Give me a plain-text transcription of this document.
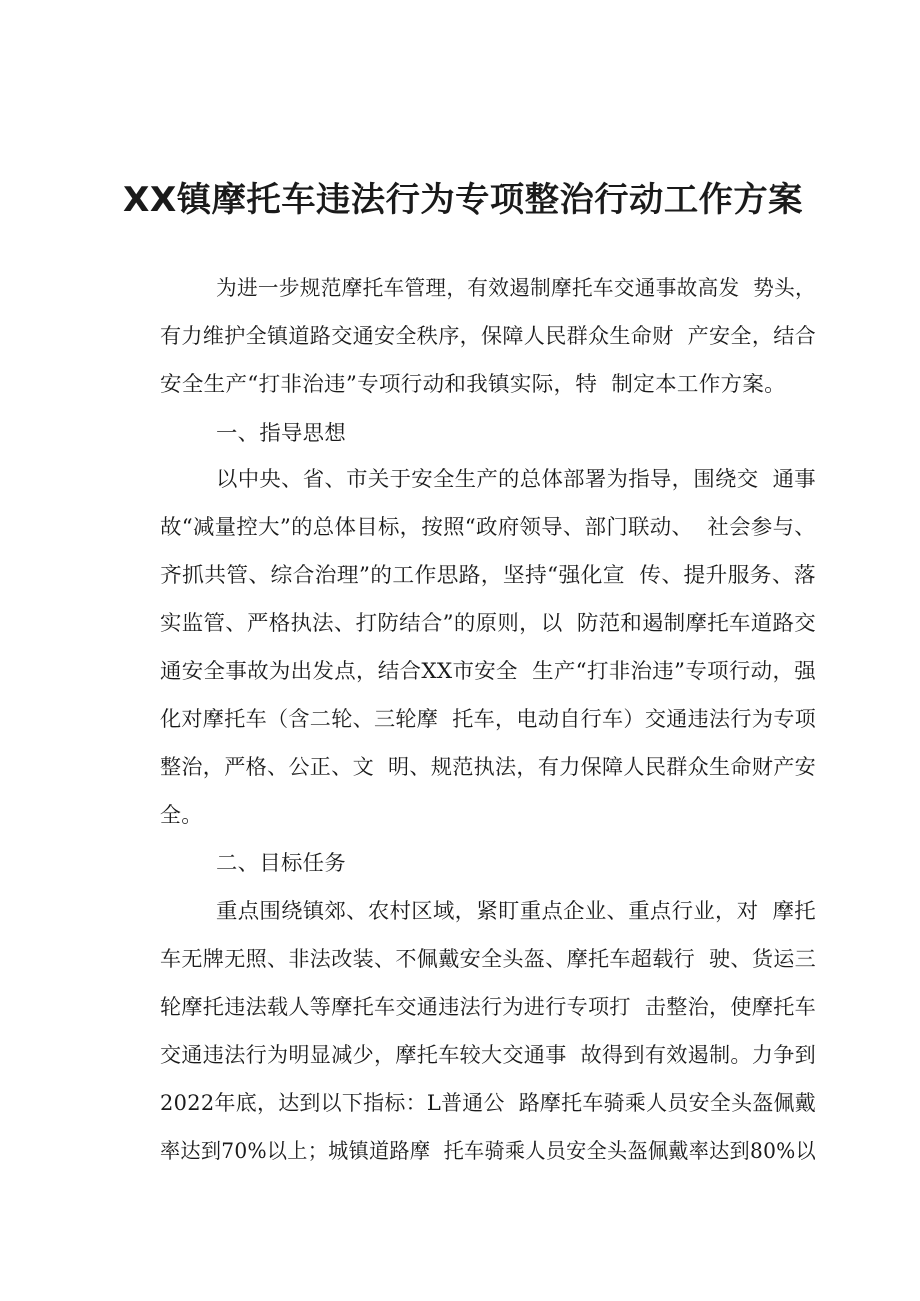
XX镇摩托车违法行为专项整治行动工作方案

为进一步规范摩托车管理，有效遏制摩托车交通事故高发  势头，

有力维护全镇道路交通安全秩序，保障人民群众生命财  产安全，结合

安全生产“打非治违”专项行动和我镇实际，特  制定本工作方案。

一、指导思想

以中央、省、市关于安全生产的总体部署为指导，围绕交  通事

故“减量控大”的总体目标，按照“政府领导、部门联动、  社会参与、

齐抓共管、综合治理”的工作思路，坚持“强化宣  传、提升服务、落

实监管、严格执法、打防结合”的原则，以  防范和遏制摩托车道路交

通安全事故为出发点，结合XX市安全  生产“打非治违”专项行动，强

化对摩托车（含二轮、三轮摩  托车，电动自行车）交通违法行为专项

整治，严格、公正、文  明、规范执法，有力保障人民群众生命财产安

全。

二、目标任务

重点围绕镇郊、农村区域，紧盯重点企业、重点行业，对  摩托

车无牌无照、非法改装、不佩戴安全头盔、摩托车超载行  驶、货运三

轮摩托违法载人等摩托车交通违法行为进行专项打  击整治，使摩托车

交通违法行为明显减少，摩托车较大交通事  故得到有效遏制。力争到

2022年底，达到以下指标：L普通公  路摩托车骑乘人员安全头盔佩戴

率达到70%以上；城镇道路摩  托车骑乘人员安全头盔佩戴率达到80%以
